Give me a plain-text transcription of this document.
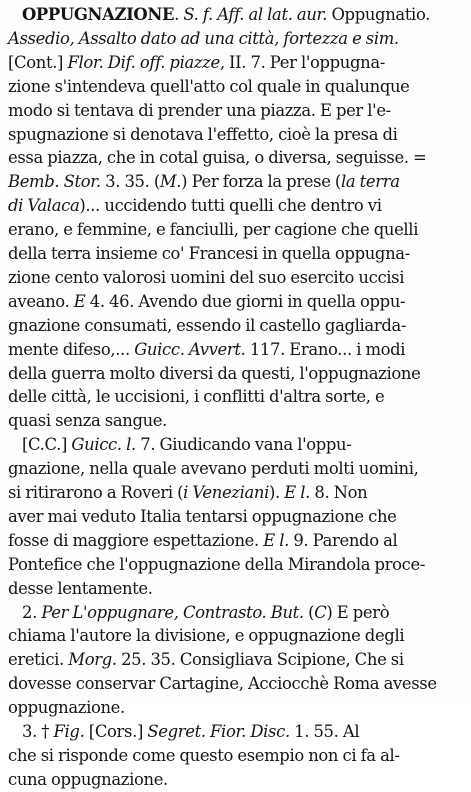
OPPUGNAZIONE. S. f. Aff. al lat. aur. Oppugnatio.
Assedio, Assalto dato ad una città, fortezza e sim.
[Cont.] Flor. Dif. off. piazze, II. 7. Per l'oppugna-
zione s'intendeva quell'atto col quale in qualunque
modo si tentava di prender una piazza. E per l'e-
spugnazione si denotava l'effetto, cioè la presa di
essa piazza, che in cotal guisa, o diversa, seguisse. =
Bemb. Stor. 3. 35. (M.) Per forza la prese (la terra
di Valaca)... uccidendo tutti quelli che dentro vi
erano, e femmine, e fanciulli, per cagione che quelli
della terra insieme co' Francesi in quella oppugna-
zione cento valorosi uomini del suo esercito uccisi
aveano. E 4. 46. Avendo due giorni in quella oppu-
gnazione consumati, essendo il castello gagliarda-
mente difeso,... Guicc. Avvert. 117. Erano... i modi
della guerra molto diversi da questi, l'oppugnazione
delle città, le uccisioni, i conflitti d'altra sorte, e
quasi senza sangue.
[C.C.] Guicc. l. 7. Giudicando vana l'oppu-
gnazione, nella quale avevano perduti molti uomini,
si ritirarono a Roveri (i Veneziani). E l. 8. Non
aver mai veduto Italia tentarsi oppugnazione che
fosse di maggiore espettazione. E l. 9. Parendo al
Pontefice che l'oppugnazione della Mirandola proce-
desse lentamente.
2. Per L'oppugnare, Contrasto. But. (C) E però
chiama l'autore la divisione, e oppugnazione degli
eretici. Morg. 25. 35. Consigliava Scipione, Che si
dovesse conservar Cartagine, Acciocchè Roma avesse
oppugnazione.
3. † Fig. [Cors.] Segret. Fior. Disc. 1. 55. Al
che si risponde come questo esempio non ci fa al-
cuna oppugnazione.
